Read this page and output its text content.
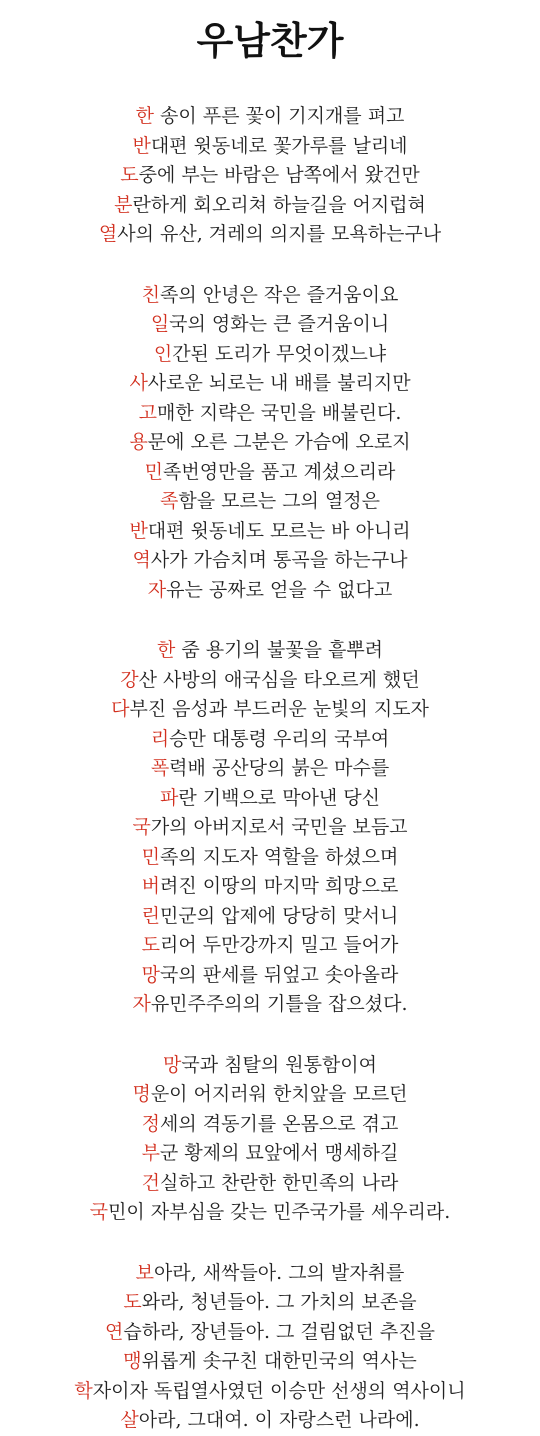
우남찬가
한 송이 푸른 꽃이 기지개를 펴고
반대편 윗동네로 꽃가루를 날리네
도중에 부는 바람은 남쪽에서 왔건만
분란하게 회오리쳐 하늘길을 어지럽혀
열사의 유산, 겨레의 의지를 모욕하는구나
친족의 안녕은 작은 즐거움이요
일국의 영화는 큰 즐거움이니
인간된 도리가 무엇이겠느냐
사사로운 뇌로는 내 배를 불리지만
고매한 지략은 국민을 배불린다.
용문에 오른 그분은 가슴에 오로지
민족번영만을 품고 계셨으리라
족함을 모르는 그의 열정은
반대편 윗동네도 모르는 바 아니리
역사가 가슴치며 통곡을 하는구나
자유는 공짜로 얻을 수 없다고
한 줌 용기의 불꽃을 흩뿌려
강산 사방의 애국심을 타오르게 했던
다부진 음성과 부드러운 눈빛의 지도자
리승만 대통령 우리의 국부여
폭력배 공산당의 붉은 마수를
파란 기백으로 막아낸 당신
국가의 아버지로서 국민을 보듬고
민족의 지도자 역할을 하셨으며
버려진 이땅의 마지막 희망으로
린민군의 압제에 당당히 맞서니
도리어 두만강까지 밀고 들어가
망국의 판세를 뒤엎고 솟아올라
자유민주주의의 기틀을 잡으셨다.
망국과 침탈의 원통함이여
명운이 어지러워 한치앞을 모르던
정세의 격동기를 온몸으로 겪고
부군 황제의 묘앞에서 맹세하길
건실하고 찬란한 한민족의 나라
국민이 자부심을 갖는 민주국가를 세우리라.
보아라, 새싹들아. 그의 발자취를
도와라, 청년들아. 그 가치의 보존을
연습하라, 장년들아. 그 걸림없던 추진을
맹위롭게 솟구친 대한민국의 역사는
학자이자 독립열사였던 이승만 선생의 역사이니
살아라, 그대여. 이 자랑스런 나라에.
